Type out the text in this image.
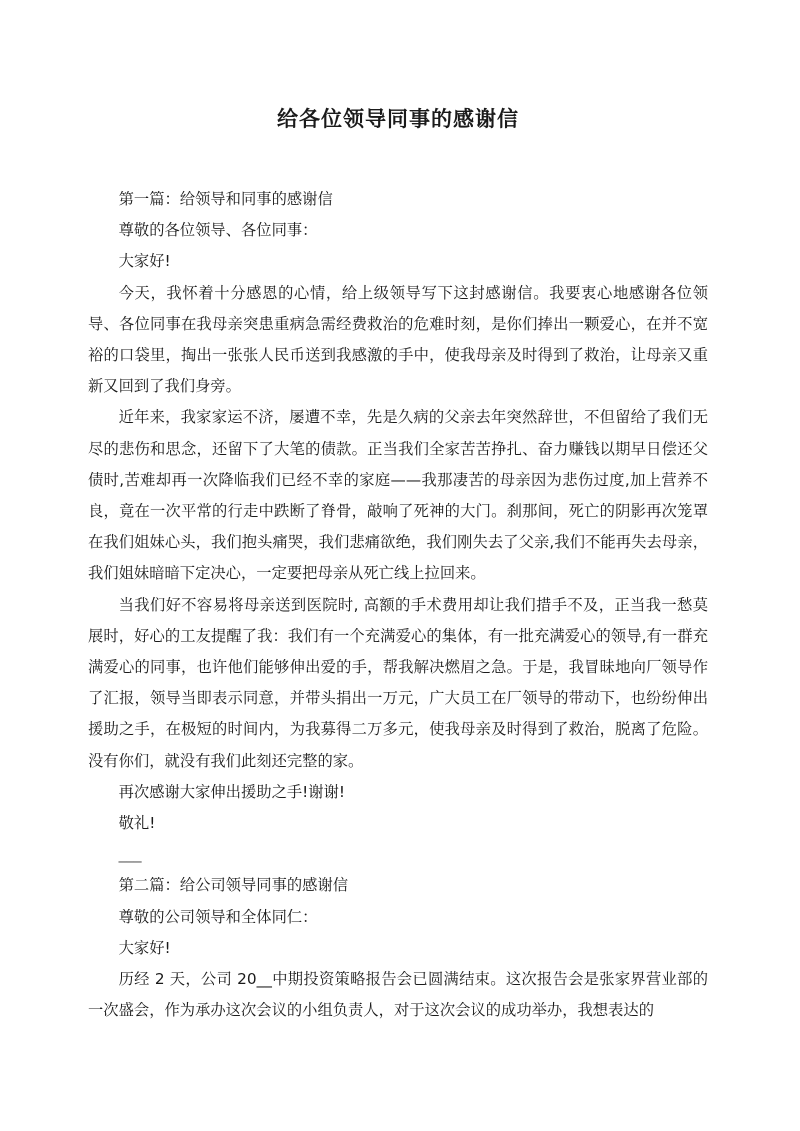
给各位领导同事的感谢信

第一篇：给领导和同事的感谢信

尊敬的各位领导、各位同事：

大家好!

今天，我怀着十分感恩的心情，给上级领导写下这封感谢信。我要衷心地感谢各位领导、各位同事在我母亲突患重病急需经费救治的危难时刻，是你们捧出一颗爱心，在并不宽裕的口袋里，掏出一张张人民币送到我感激的手中，使我母亲及时得到了救治，让母亲又重新又回到了我们身旁。

近年来，我家家运不济，屡遭不幸，先是久病的父亲去年突然辞世，不但留给了我们无尽的悲伤和思念，还留下了大笔的债款。正当我们全家苦苦挣扎、奋力赚钱以期早日偿还父债时,苦难却再一次降临我们已经不幸的家庭——我那凄苦的母亲因为悲伤过度,加上营养不良，竟在一次平常的行走中跌断了脊骨，敲响了死神的大门。刹那间，死亡的阴影再次笼罩在我们姐妹心头，我们抱头痛哭，我们悲痛欲绝，我们刚失去了父亲,我们不能再失去母亲，我们姐妹暗暗下定决心，一定要把母亲从死亡线上拉回来。

当我们好不容易将母亲送到医院时, 高额的手术费用却让我们措手不及，正当我一愁莫展时，好心的工友提醒了我：我们有一个充满爱心的集体，有一批充满爱心的领导,有一群充满爱心的同事，也许他们能够伸出爱的手，帮我解决燃眉之急。于是，我冒昧地向厂领导作了汇报，领导当即表示同意，并带头捐出一万元，广大员工在厂领导的带动下，也纷纷伸出援助之手，在极短的时间内，为我募得二万多元，使我母亲及时得到了救治，脱离了危险。没有你们，就没有我们此刻还完整的家。

再次感谢大家伸出援助之手!谢谢!

敬礼!

___

第二篇：给公司领导同事的感谢信

尊敬的公司领导和全体同仁：

大家好!

历经 2 天，公司 20__中期投资策略报告会已圆满结束。这次报告会是张家界营业部的一次盛会，作为承办这次会议的小组负责人，对于这次会议的成功举办，我想表达的
